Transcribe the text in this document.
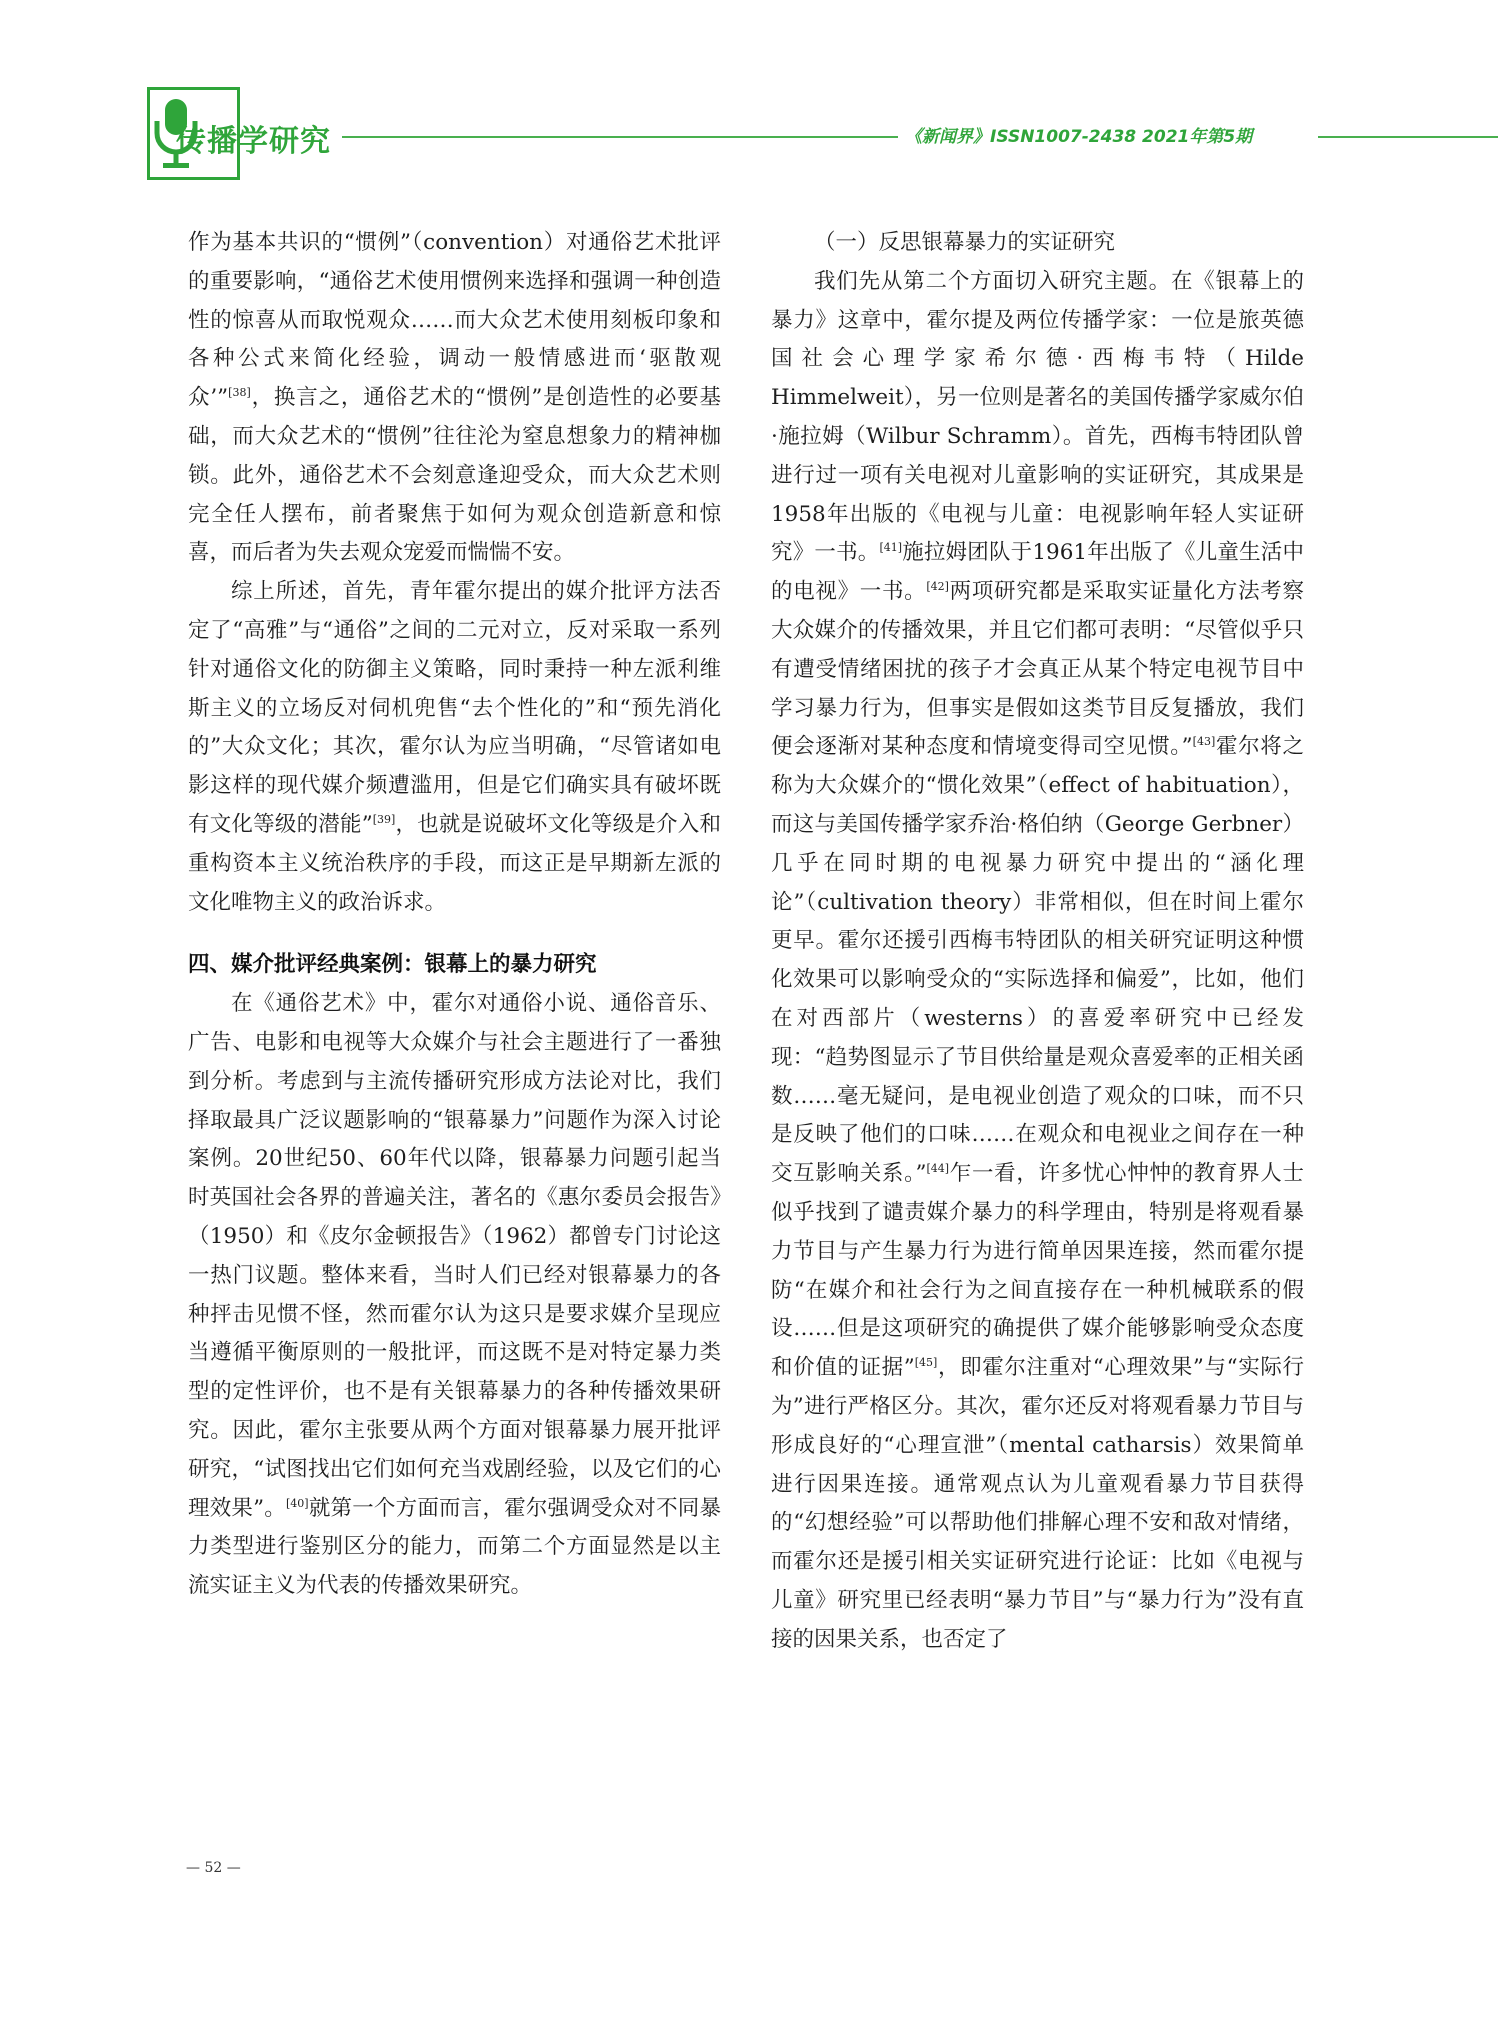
传播学研究	《新闻界》ISSN1007-2438 2021年第5期

作为基本共识的“惯例”（convention）对通俗艺术批评的重要影响，“通俗艺术使用惯例来选择和强调一种创造性的惊喜从而取悦观众……而大众艺术使用刻板印象和各种公式来简化经验，调动一般情感进而‘驱散观众’”[38]，换言之，通俗艺术的“惯例”是创造性的必要基础，而大众艺术的“惯例”往往沦为窒息想象力的精神枷锁。此外，通俗艺术不会刻意逢迎受众，而大众艺术则完全任人摆布，前者聚焦于如何为观众创造新意和惊喜，而后者为失去观众宠爱而惴惴不安。

综上所述，首先，青年霍尔提出的媒介批评方法否定了“高雅”与“通俗”之间的二元对立，反对采取一系列针对通俗文化的防御主义策略，同时秉持一种左派利维斯主义的立场反对伺机兜售“去个性化的”和“预先消化的”大众文化；其次，霍尔认为应当明确，“尽管诸如电影这样的现代媒介频遭滥用，但是它们确实具有破坏既有文化等级的潜能”[39]，也就是说破坏文化等级是介入和重构资本主义统治秩序的手段，而这正是早期新左派的文化唯物主义的政治诉求。

四、媒介批评经典案例：银幕上的暴力研究

在《通俗艺术》中，霍尔对通俗小说、通俗音乐、广告、电影和电视等大众媒介与社会主题进行了一番独到分析。考虑到与主流传播研究形成方法论对比，我们择取最具广泛议题影响的“银幕暴力”问题作为深入讨论案例。20世纪50、60年代以降，银幕暴力问题引起当时英国社会各界的普遍关注，著名的《惠尔委员会报告》（1950）和《皮尔金顿报告》（1962）都曾专门讨论这一热门议题。整体来看，当时人们已经对银幕暴力的各种抨击见惯不怪，然而霍尔认为这只是要求媒介呈现应当遵循平衡原则的一般批评，而这既不是对特定暴力类型的定性评价，也不是有关银幕暴力的各种传播效果研究。因此，霍尔主张要从两个方面对银幕暴力展开批评研究，“试图找出它们如何充当戏剧经验，以及它们的心理效果”。[40]就第一个方面而言，霍尔强调受众对不同暴力类型进行鉴别区分的能力，而第二个方面显然是以主流实证主义为代表的传播效果研究。

（一）反思银幕暴力的实证研究

我们先从第二个方面切入研究主题。在《银幕上的暴力》这章中，霍尔提及两位传播学家：一位是旅英德国社会心理学家希尔德·西梅韦特（Hilde Himmelweit），另一位则是著名的美国传播学家威尔伯·施拉姆（Wilbur Schramm）。首先，西梅韦特团队曾进行过一项有关电视对儿童影响的实证研究，其成果是1958年出版的《电视与儿童：电视影响年轻人实证研究》一书。[41]施拉姆团队于1961年出版了《儿童生活中的电视》一书。[42]两项研究都是采取实证量化方法考察大众媒介的传播效果，并且它们都可表明：“尽管似乎只有遭受情绪困扰的孩子才会真正从某个特定电视节目中学习暴力行为，但事实是假如这类节目反复播放，我们便会逐渐对某种态度和情境变得司空见惯。”[43]霍尔将之称为大众媒介的“惯化效果”（effect of habituation），而这与美国传播学家乔治·格伯纳（George Gerbner）几乎在同时期的电视暴力研究中提出的“涵化理论”（cultivation theory）非常相似，但在时间上霍尔更早。霍尔还援引西梅韦特团队的相关研究证明这种惯化效果可以影响受众的“实际选择和偏爱”，比如，他们在对西部片（westerns）的喜爱率研究中已经发现：“趋势图显示了节目供给量是观众喜爱率的正相关函数……毫无疑问，是电视业创造了观众的口味，而不只是反映了他们的口味……在观众和电视业之间存在一种交互影响关系。”[44]乍一看，许多忧心忡忡的教育界人士似乎找到了谴责媒介暴力的科学理由，特别是将观看暴力节目与产生暴力行为进行简单因果连接，然而霍尔提防“在媒介和社会行为之间直接存在一种机械联系的假设……但是这项研究的确提供了媒介能够影响受众态度和价值的证据”[45]，即霍尔注重对“心理效果”与“实际行为”进行严格区分。其次，霍尔还反对将观看暴力节目与形成良好的“心理宣泄”（mental catharsis）效果简单进行因果连接。通常观点认为儿童观看暴力节目获得的“幻想经验”可以帮助他们排解心理不安和敌对情绪，而霍尔还是援引相关实证研究进行论证：比如《电视与儿童》研究里已经表明“暴力节目”与“暴力行为”没有直接的因果关系，也否定了

— 52 —
